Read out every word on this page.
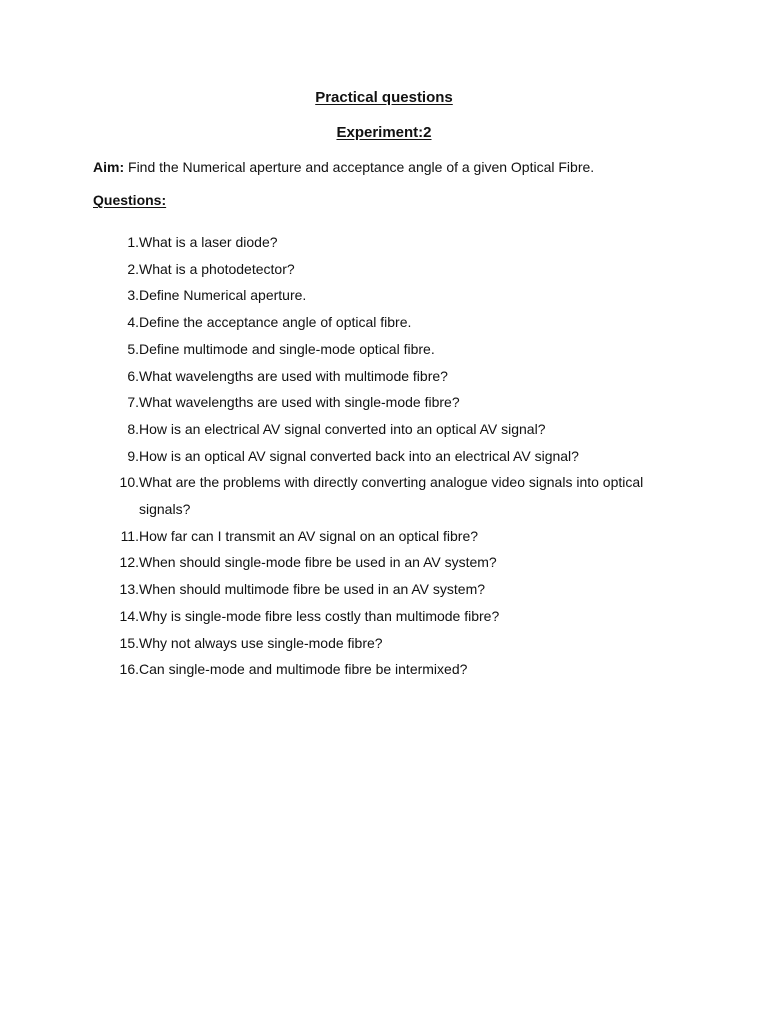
Practical questions
Experiment:2

Aim: Find the Numerical aperture and acceptance angle of a given Optical Fibre.

Questions:

1. What is a laser diode?
2. What is a photodetector?
3. Define Numerical aperture.
4. Define the acceptance angle of optical fibre.
5. Define multimode and single-mode optical fibre.
6. What wavelengths are used with multimode fibre?
7. What wavelengths are used with single-mode fibre?
8. How is an electrical AV signal converted into an optical AV signal?
9. How is an optical AV signal converted back into an electrical AV signal?
10. What are the problems with directly converting analogue video signals into optical signals?
11. How far can I transmit an AV signal on an optical fibre?
12. When should single-mode fibre be used in an AV system?
13. When should multimode fibre be used in an AV system?
14. Why is single-mode fibre less costly than multimode fibre?
15. Why not always use single-mode fibre?
16. Can single-mode and multimode fibre be intermixed?
